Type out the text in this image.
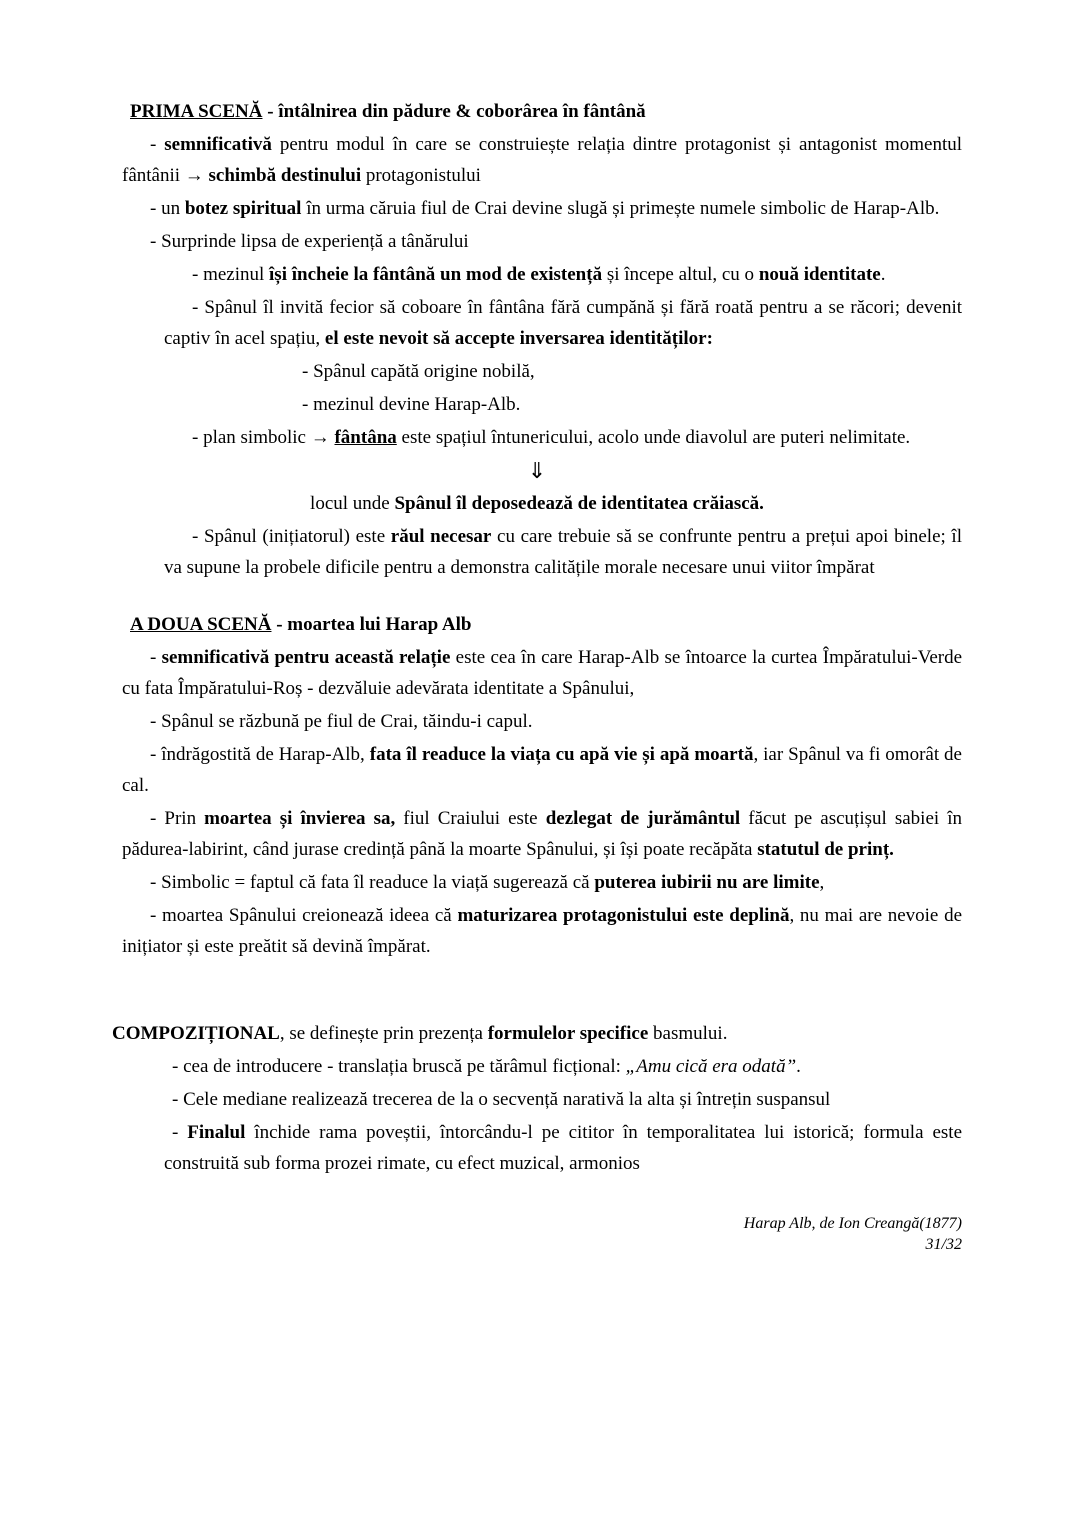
PRIMA SCENĂ - întâlnirea din pădure & coborârea în fântână
- semnificativă pentru modul în care se construiește relația dintre protagonist și antagonist momentul fântânii → schimbă destinului protagonistului
- un botez spiritual în urma căruia fiul de Crai devine slugă și primește numele simbolic de Harap-Alb.
- Surprinde lipsa de experiență a tânărului
- mezinul își încheie la fântână un mod de existență și începe altul, cu o nouă identitate.
- Spânul îl invită fecior să coboare în fântâna fără cumpănă și fără roată pentru a se răcori; devenit captiv în acel spațiu, el este nevoit să accepte inversarea identităților:
- Spânul capătă origine nobilă,
- mezinul devine Harap-Alb.
- plan simbolic → fântâna este spațiul întunericului, acolo unde diavolul are puteri nelimitate.
⇓
locul unde Spânul îl deposedează de identitatea crăiască.
- Spânul (inițiatorul) este răul necesar cu care trebuie să se confrunte pentru a prețui apoi binele; îl va supune la probele dificile pentru a demonstra calitățile morale necesare unui viitor împărat
A DOUA SCENĂ - moartea lui Harap Alb
- semnificativă pentru această relație este cea în care Harap-Alb se întoarce la curtea Împăratului-Verde cu fata Împăratului-Roș - dezvăluie adevărata identitate a Spânului,
- Spânul se răzbună pe fiul de Crai, tăindu-i capul.
- îndrăgostită de Harap-Alb, fata îl readuce la viața cu apă vie și apă moartă, iar Spânul va fi omorât de cal.
- Prin moartea și învierea sa, fiul Craiului este dezlegat de jurământul făcut pe ascuțișul sabiei în pădurea-labirint, când jurase credință până la moarte Spânului, și își poate recăpăta statutul de prinț.
- Simbolic = faptul că fata îl readuce la viață sugerează că puterea iubirii nu are limite,
- moartea Spânului creionează ideea că maturizarea protagonistului este deplină, nu mai are nevoie de inițiator și este preătit să devină împărat.
COMPOZIȚIONAL, se definește prin prezența formulelor specifice basmului.
- cea de introducere - translația bruscă pe tărâmul ficțional: „Amu cică era odată”.
- Cele mediane realizează trecerea de la o secvență narativă la alta și întrețin suspansul
- Finalul închide rama poveștii, întorcându-l pe cititor în temporalitatea lui istorică; formula este construită sub forma prozei rimate, cu efect muzical, armonios
Harap Alb, de Ion Creangă(1877)
31/32
